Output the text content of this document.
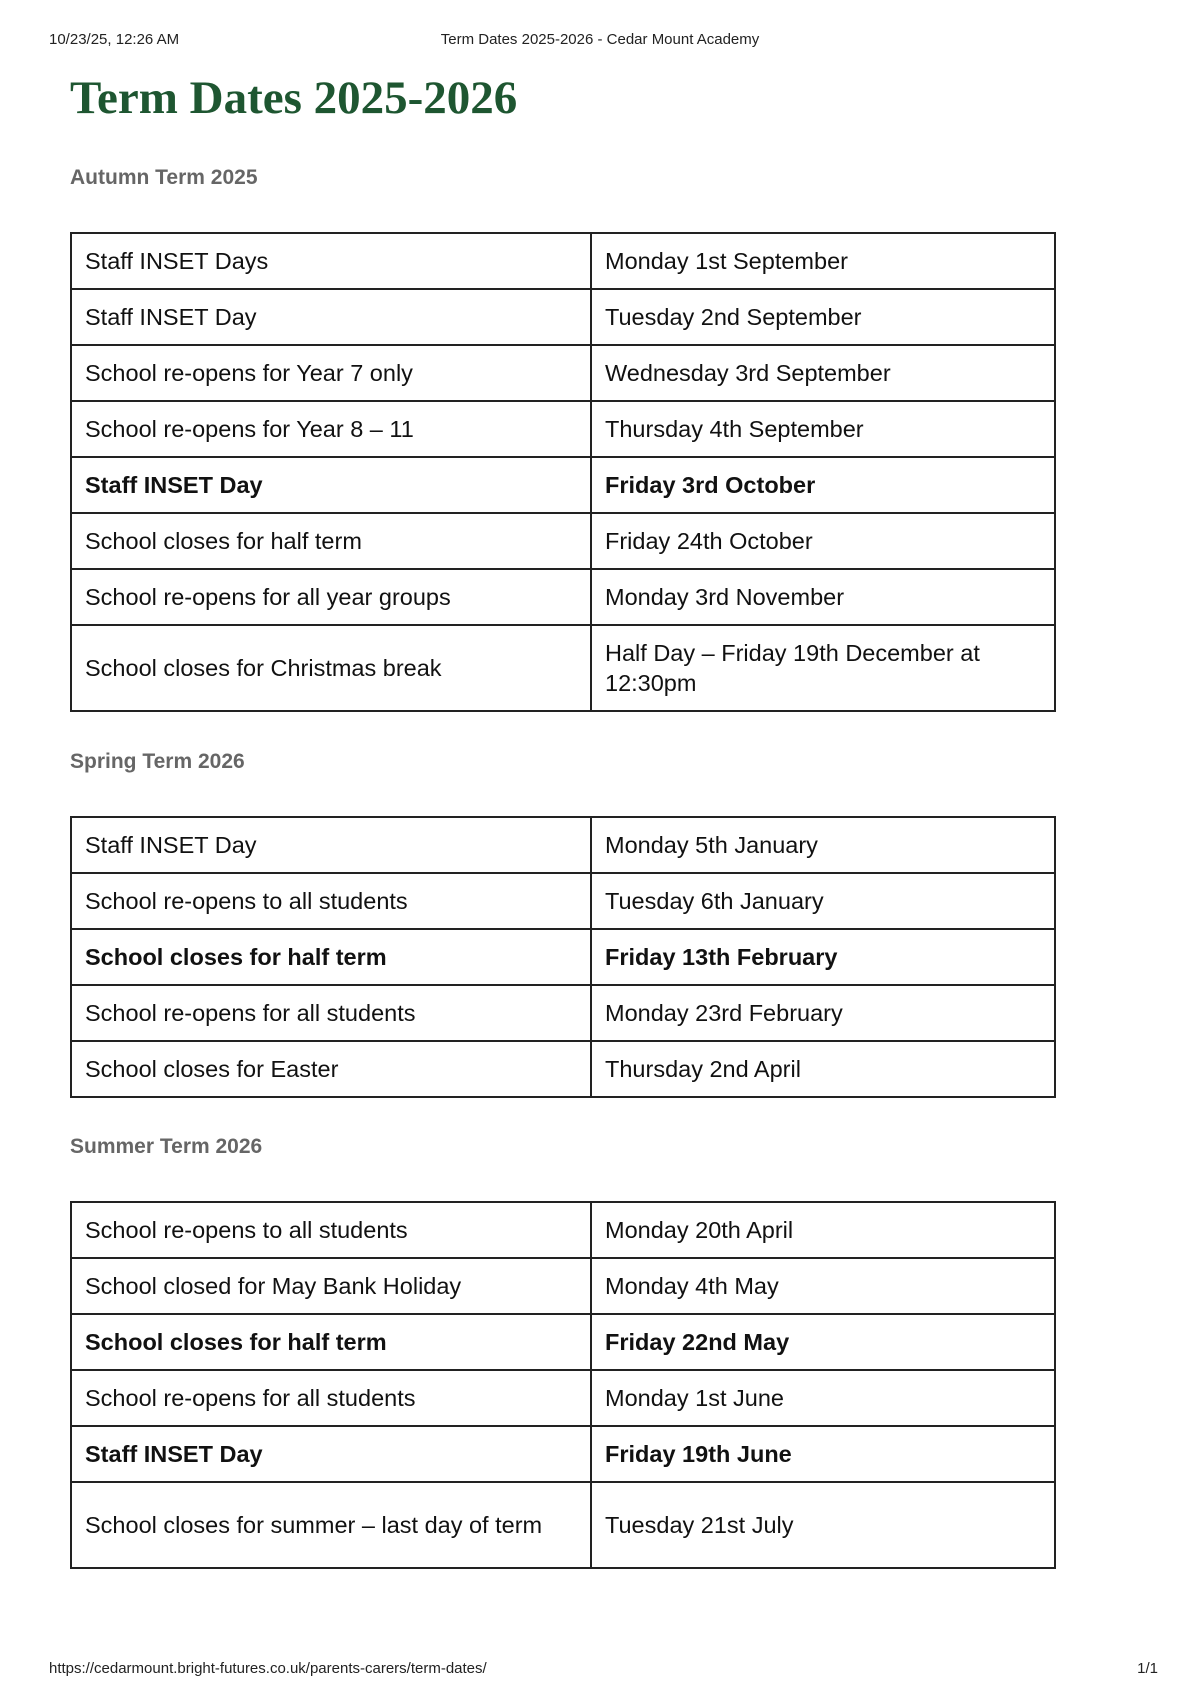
10/23/25, 12:26 AM	Term Dates 2025-2026 - Cedar Mount Academy
Term Dates 2025-2026
Autumn Term 2025
Staff INSET Days	Monday 1st September
Staff INSET Day	Tuesday 2nd September
School re-opens for Year 7 only	Wednesday 3rd September
School re-opens for Year 8 – 11	Thursday 4th September
Staff INSET Day	Friday 3rd October
School closes for half term	Friday 24th October
School re-opens for all year groups	Monday 3rd November
School closes for Christmas break	Half Day – Friday 19th December at 12:30pm
Spring Term 2026
Staff INSET Day	Monday 5th January
School re-opens to all students	Tuesday 6th January
School closes for half term	Friday 13th February
School re-opens for all students	Monday 23rd February
School closes for Easter	Thursday 2nd April
Summer Term 2026
School re-opens to all students	Monday 20th April
School closed for May Bank Holiday	Monday 4th May
School closes for half term	Friday 22nd May
School re-opens for all students	Monday 1st June
Staff INSET Day	Friday 19th June
School closes for summer – last day of term	Tuesday 21st July
https://cedarmount.bright-futures.co.uk/parents-carers/term-dates/	1/1
